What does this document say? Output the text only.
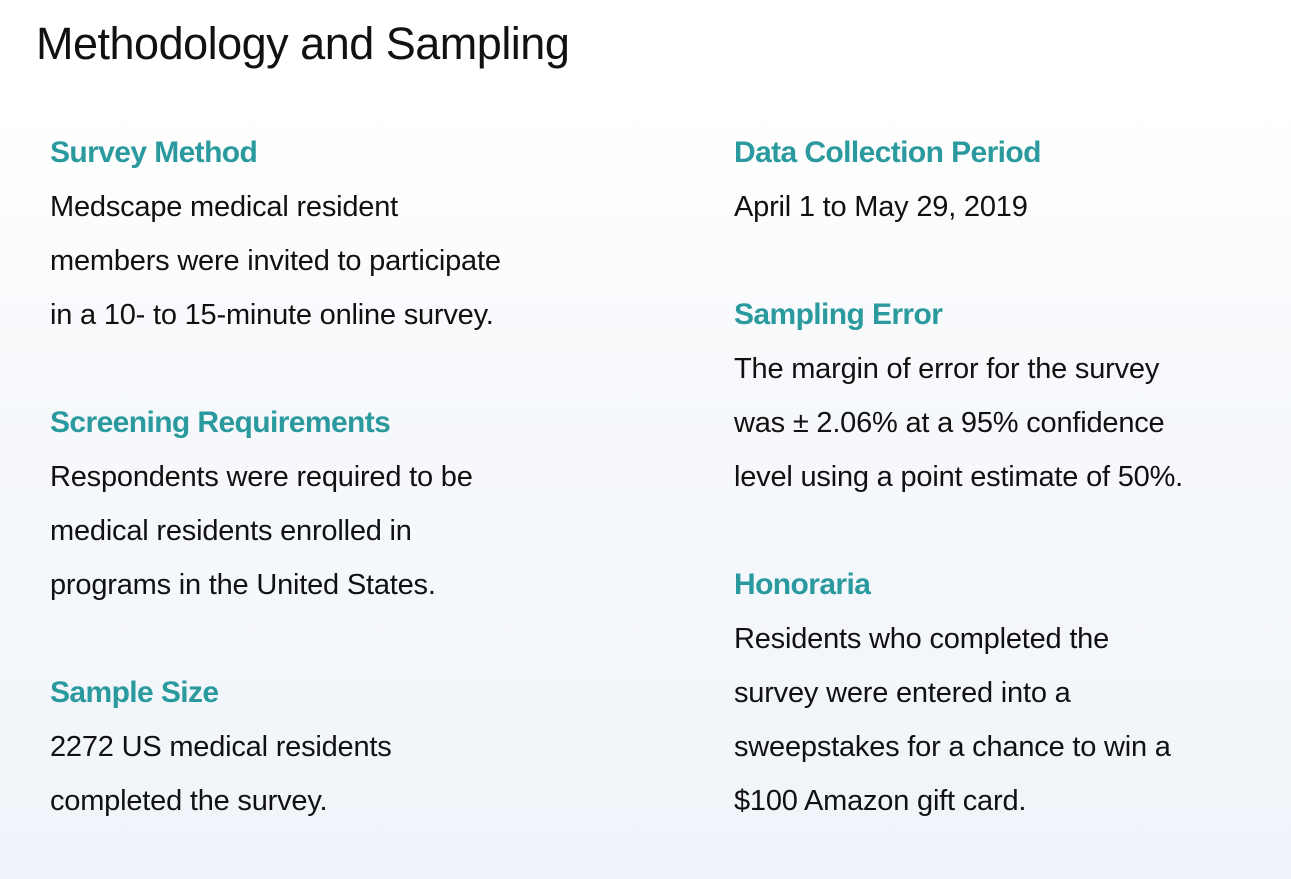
Methodology and Sampling
Survey Method

Medscape medical resident
members were invited to participate
in a 10- to 15-minute online survey.

Screening Requirements

Respondents were required to be
medical residents enrolled in
programs in the United States.

Sample Size

2272 US medical residents
completed the survey.

Data Collection Period

April 1 to May 29, 2019

Sampling Error

The margin of error for the survey
was ± 2.06% at a 95% confidence
level using a point estimate of 50%.

Honoraria

Residents who completed the
survey were entered into a
sweepstakes for a chance to win a
$100 Amazon gift card.
